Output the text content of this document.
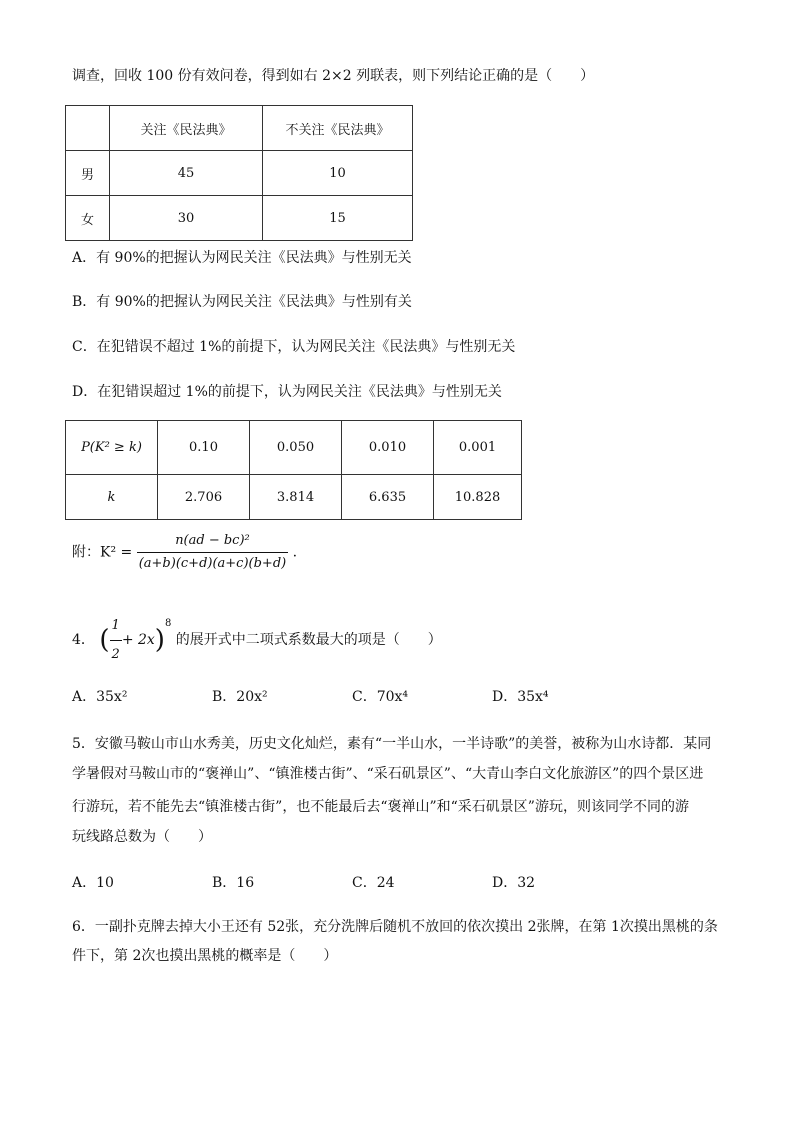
调查，回收 100 份有效问卷，得到如右 2×2 列联表，则下列结论正确的是（　　）
	关注《民法典》	不关注《民法典》
男	45	10
女	30	15
A．有 90%的把握认为网民关注《民法典》与性别无关
B．有 90%的把握认为网民关注《民法典》与性别有关
C．在犯错误不超过 1%的前提下，认为网民关注《民法典》与性别无关
D．在犯错误超过 1%的前提下，认为网民关注《民法典》与性别无关
P(K² ≥ k)	0.10	0.050	0.010	0.001
k	2.706	3.814	6.635	10.828
附：$K^2 = \frac{\text{n(ad − bc)²}}{(a+b)(c+d)(a+c)(b+d)}$ .
4． ( $\frac{1}{2} + 2x)^8$ 的展开式中二项式系数最大的项是（　　）
A．35x²	B．20x²	C．70x⁴	D．35x⁴
5．安徽马鞍山市山水秀美，历史文化灿烂，素有“一半山水，一半诗歌”的美誉，被称为山水诗都．某同
学暑假对马鞍山市的“褒禅山”、“镇淮楼古街”、“采石矶景区”、“大青山李白文化旅游区”的四个景区进
行游玩，若不能先去“镇淮楼古街”，也不能最后去“褒禅山”和“采石矶景区”游玩，则该同学不同的游
玩线路总数为（　　）
A．10	B．16	C．24	D．32
6．一副扑克牌去掉大小王还有 52张，充分洗牌后随机不放回的依次摸出 2张牌，在第 1次摸出黑桃的条
件下，第 2次也摸出黑桃的概率是（　　）
